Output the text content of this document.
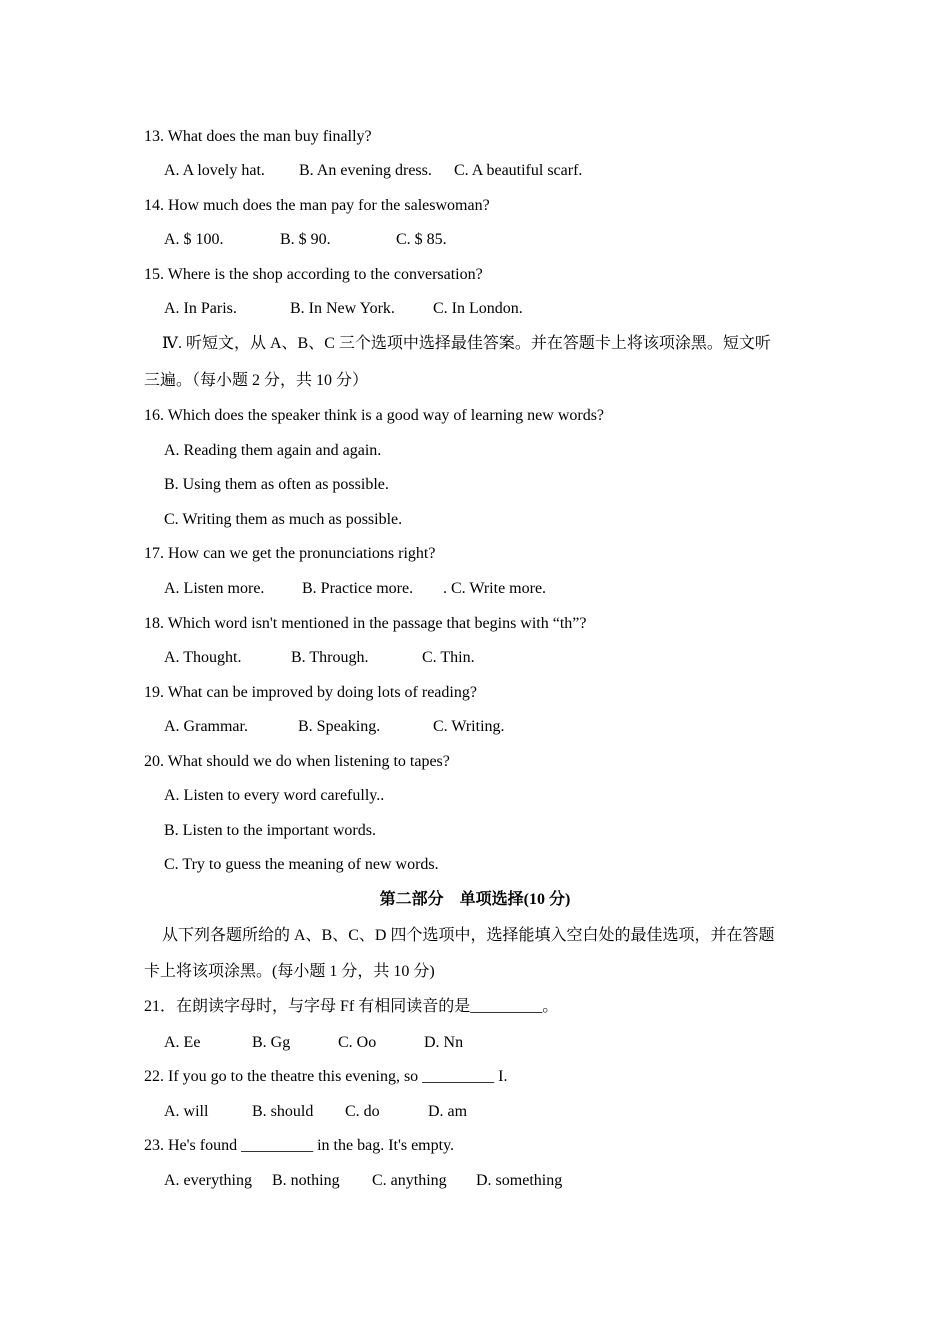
13. What does the man buy finally?
A. A lovely hat. B. An evening dress. C. A beautiful scarf.
14. How much does the man pay for the saleswoman?
A. $ 100.	B. $ 90.	C. $ 85.
15. Where is the shop according to the conversation?
A. In Paris.	B. In New York. C. In London.
Ⅳ. 听短文，从 A、B、C 三个选项中选择最佳答案。并在答题卡上将该项涂黑。短文听
三遍。（每小题 2 分，共 10 分）
16. Which does the speaker think is a good way of learning new words?
A. Reading them again and again.
B. Using them as often as possible.
C. Writing them as much as possible.
17. How can we get the pronunciations right?
A. Listen more. B. Practice more. . C. Write more.
18. Which word isn't mentioned in the passage that begins with “th”?
A. Thought.	B. Through.	C. Thin.
19. What can be improved by doing lots of reading?
A. Grammar.	B. Speaking.	C. Writing.
20. What should we do when listening to tapes?
A. Listen to every word carefully..
B. Listen to the important words.
C. Try to guess the meaning of new words.
第二部分    单项选择(10 分)
从下列各题所给的 A、B、C、D 四个选项中，选择能填入空白处的最佳选项，并在答题
卡上将该项涂黑。(每小题 1 分，共 10 分)
21．在朗读字母时，与字母 Ff 有相同读音的是_________。
A. Ee	B. Gg	C. Oo	D. Nn
22. If you go to the theatre this evening, so _________ I.
A. will	B. should C. do	D. am
23. He's found _________ in the bag. It's empty.
A. everything B. nothing C. anything D. something
